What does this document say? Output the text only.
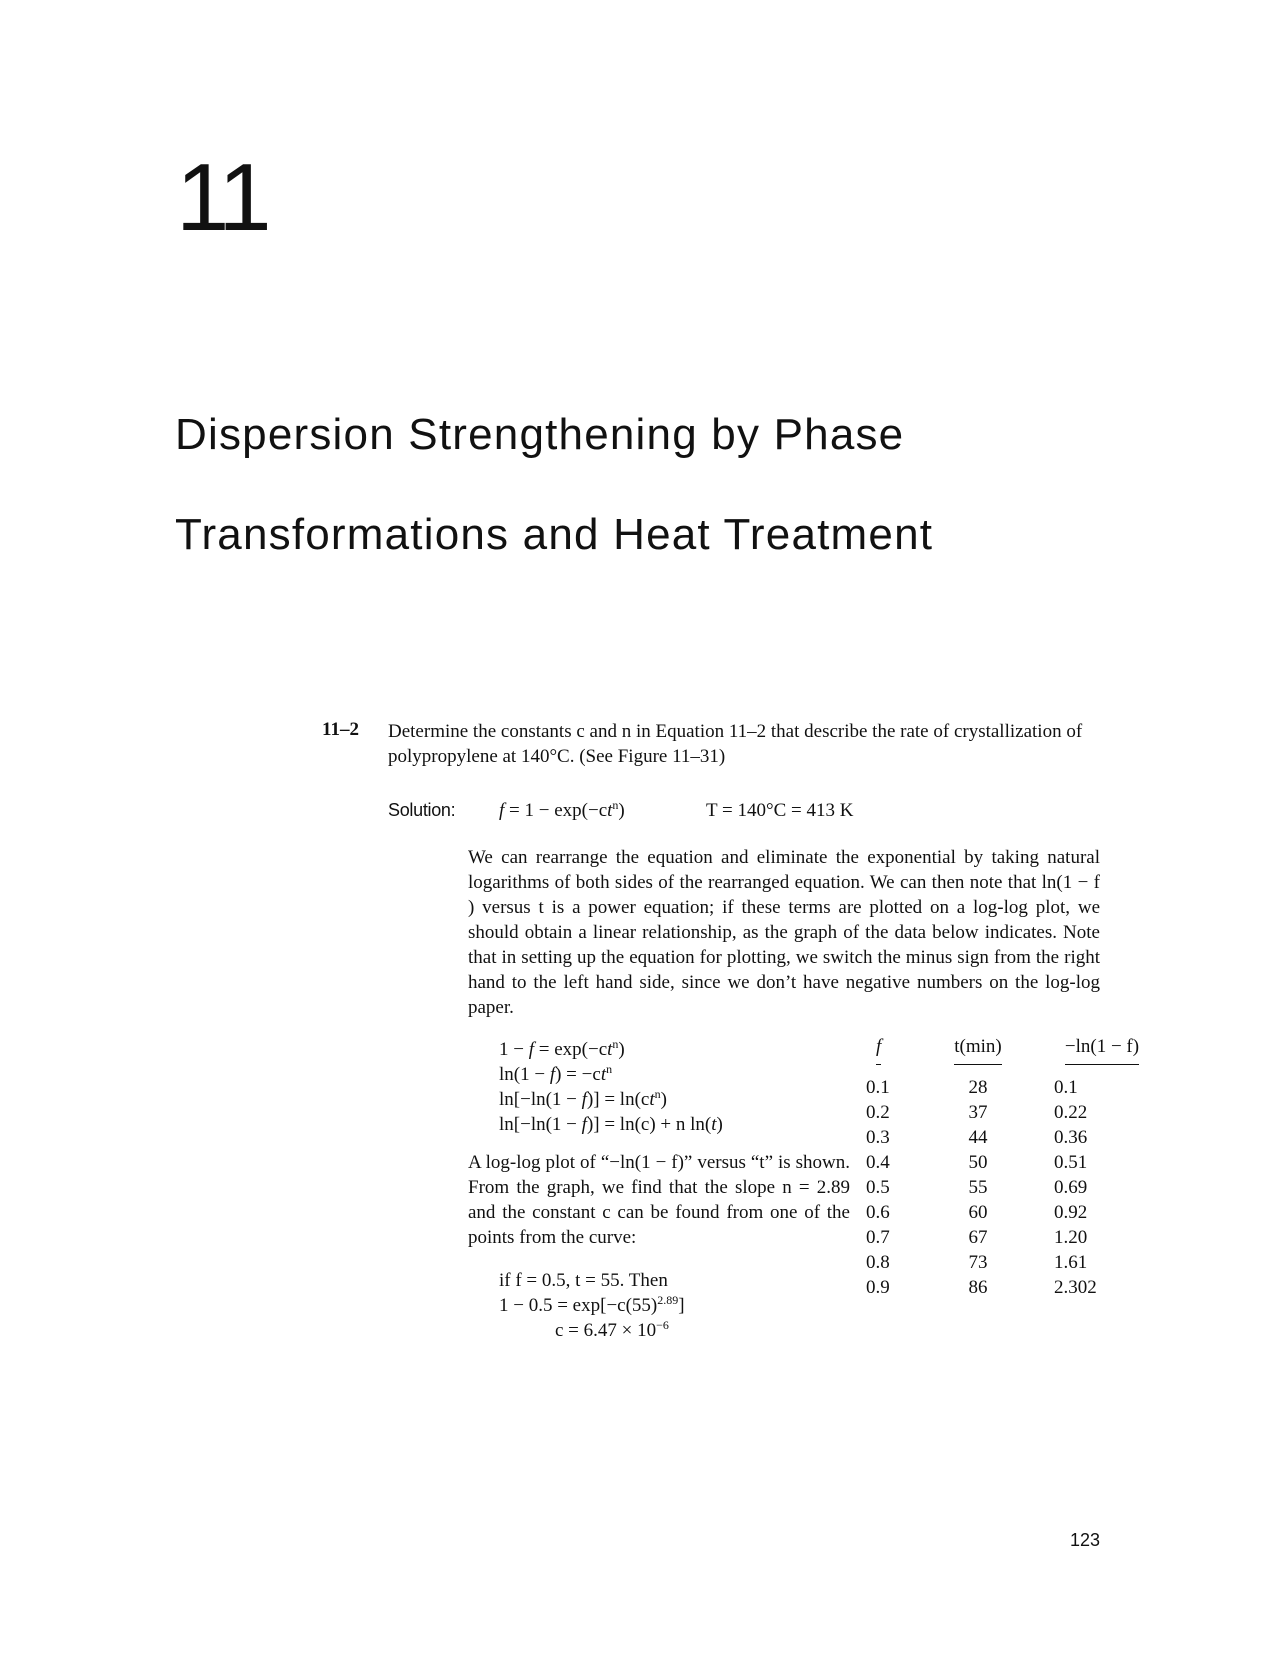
11
Dispersion Strengthening by Phase
Transformations and Heat Treatment
11–2 Determine the constants c and n in Equation 11–2 that describe the rate of crystallization of polypropylene at 140°C. (See Figure 11–31)
Solution: $f = 1 - \exp(-ct^n)$	T = 140°C = 413 K
We can rearrange the equation and eliminate the exponential by taking natural logarithms of both sides of the rearranged equation. We can then note that ln(1 − f ) versus t is a power equation; if these terms are plotted on a log-log plot, we should obtain a linear relationship, as the graph of the data below indicates. Note that in setting up the equation for plotting, we switch the minus sign from the right hand to the left hand side, since we don’t have negative numbers on the log-log paper.
$1 - f = \exp(-ct^n)$
$\ln(1 - f) = -ct^n$
$\ln[-\ln(1 - f)] = \ln(ct^n)$
ln[−ln(1 − f)] = ln(c) + n ln(t)
A log-log plot of “−ln(1 − f)” versus “t” is shown. From the graph, we find that the slope n = 2.89 and the constant c can be found from one of the points from the curve:
if f = 0.5, t = 55. Then
$1 - 0.5 = \exp[-c(55)^{2.89}]$
$c = 6.47 \times 10^{-6}$
f	t(min)	−ln(1 − f)
0.1	28	0.1
0.2	37	0.22
0.3	44	0.36
0.4	50	0.51
0.5	55	0.69
0.6	60	0.92
0.7	67	1.20
0.8	73	1.61
0.9	86	2.302
123
